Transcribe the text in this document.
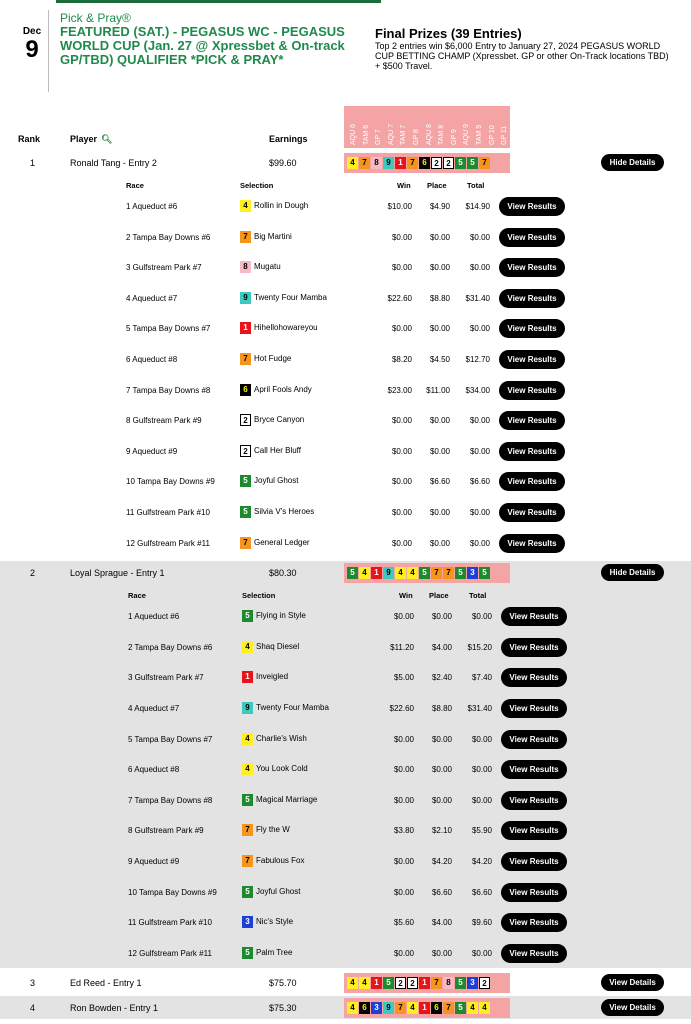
Dec
9
Pick & Pray®
FEATURED (SAT.) - PEGASUS WC - PEGASUS WORLD CUP (Jan. 27 @ Xpressbet & On-track GP/TBD) QUALIFIER *PICK & PRAY*
Final Prizes (39 Entries)
Top 2 entries win $6,000 Entry to January 27, 2024 PEGASUS WORLD CUP BETTING CHAMP (Xpressbet. GP or other On-Track locations TBD) + $500 Travel.
Rank	Player 🔍︎	Earnings	AQU 6 TAM 6 GP 7 AQU 7 TAM 7 GP 8 AQU 8 TAM 8 GP 9 AQU 9 TAM 9 GP 10 GP 11
1	Ronald Tang - Entry 2	$99.60	4 7 8 9 1 7 6 2 2 5 5 7	Hide Details
Race	Selection	Win Place	Total
1 Aqueduct #6	4 Rollin in Dough	$10.00	$4.90	$14.90	View Results
2 Tampa Bay Downs #6	7 Big Martini	$0.00	$0.00	$0.00	View Results
3 Gulfstream Park #7	8 Mugatu	$0.00	$0.00	$0.00	View Results
4 Aqueduct #7	9 Twenty Four Mamba	$22.60	$8.80	$31.40	View Results
5 Tampa Bay Downs #7	1 Hihellohowareyou	$0.00	$0.00	$0.00	View Results
6 Aqueduct #8	7 Hot Fudge	$8.20	$4.50	$12.70	View Results
7 Tampa Bay Downs #8	6 April Fools Andy	$23.00	$11.00	$34.00	View Results
8 Gulfstream Park #9	2 Bryce Canyon	$0.00	$0.00	$0.00	View Results
9 Aqueduct #9	2 Call Her Bluff	$0.00	$0.00	$0.00	View Results
10 Tampa Bay Downs #9	5 Joyful Ghost	$0.00	$6.60	$6.60	View Results
11 Gulfstream Park #10	5 Silvia V's Heroes	$0.00	$0.00	$0.00	View Results
12 Gulfstream Park #11	7 General Ledger	$0.00	$0.00	$0.00	View Results
2	Loyal Sprague - Entry 1	$80.30	5 4 1 9 4 4 5 7 7 5 3 5	Hide Details
Race	Selection	Win Place	Total
1 Aqueduct #6	5 Flying in Style	$0.00	$0.00	$0.00	View Results
2 Tampa Bay Downs #6	4 Shaq Diesel	$11.20	$4.00	$15.20	View Results
3 Gulfstream Park #7	1 Inveigled	$5.00	$2.40	$7.40	View Results
4 Aqueduct #7	9 Twenty Four Mamba	$22.60	$8.80	$31.40	View Results
5 Tampa Bay Downs #7	4 Charlie's Wish	$0.00	$0.00	$0.00	View Results
6 Aqueduct #8	4 You Look Cold	$0.00	$0.00	$0.00	View Results
7 Tampa Bay Downs #8	5 Magical Marriage	$0.00	$0.00	$0.00	View Results
8 Gulfstream Park #9	7 Fly the W	$3.80	$2.10	$5.90	View Results
9 Aqueduct #9	7 Fabulous Fox	$0.00	$4.20	$4.20	View Results
10 Tampa Bay Downs #9	5 Joyful Ghost	$0.00	$6.60	$6.60	View Results
11 Gulfstream Park #10	3 Nic's Style	$5.60	$4.00	$9.60	View Results
12 Gulfstream Park #11	5 Palm Tree	$0.00	$0.00	$0.00	View Results
3	Ed Reed - Entry 1	$75.70	4 4 1 5 2 2 1 7 8 5 3 2	View Details
4	Ron Bowden - Entry 1	$75.30	4 6 3 9 7 4 1 6 7 5 4 4	View Details
